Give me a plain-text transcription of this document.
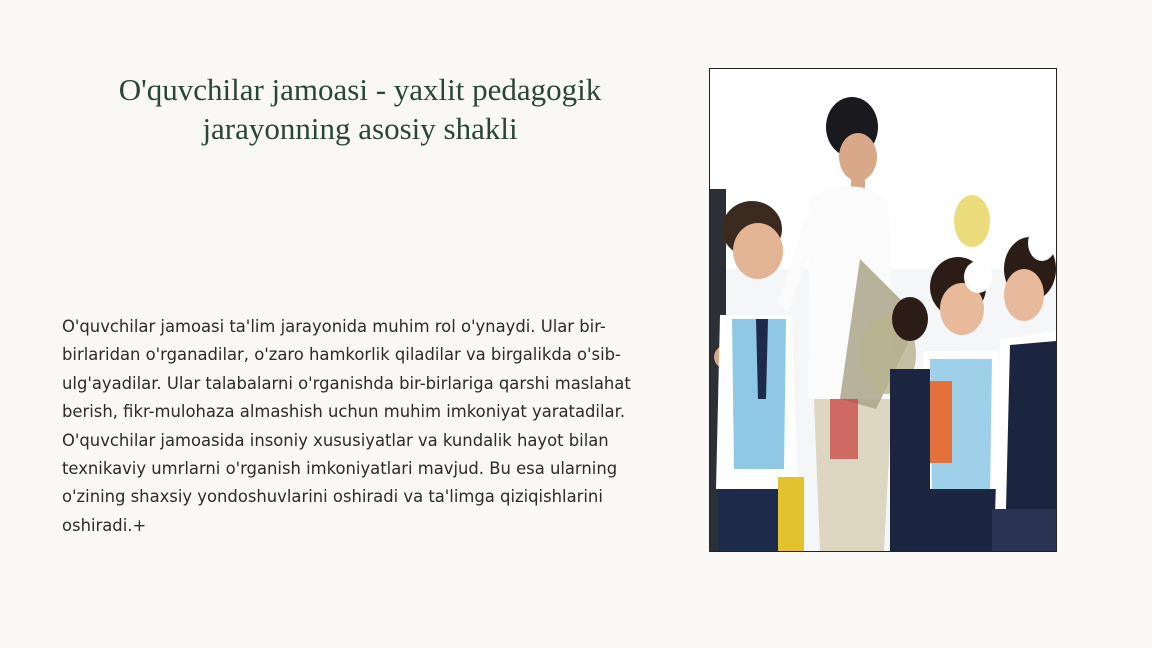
O'quvchilar jamoasi - yaxlit pedagogik jarayonning asosiy shakli

O'quvchilar jamoasi ta'lim jarayonida muhim rol o'ynaydi. Ular bir-birlaridan o'rganadilar, o'zaro hamkorlik qiladilar va birgalikda o'sib-ulg'ayadilar. Ular talabalarni o'rganishda bir-birlariga qarshi maslahat berish, fikr-mulohaza almashish uchun muhim imkoniyat yaratadilar. O'quvchilar jamoasida insoniy xususiyatlar va kundalik hayot bilan texnikaviy umrlarni o'rganish imkoniyatlari mavjud. Bu esa ularning o'zining shaxsiy yondoshuvlarini oshiradi va ta'limga qiziqishlarini oshiradi.+
